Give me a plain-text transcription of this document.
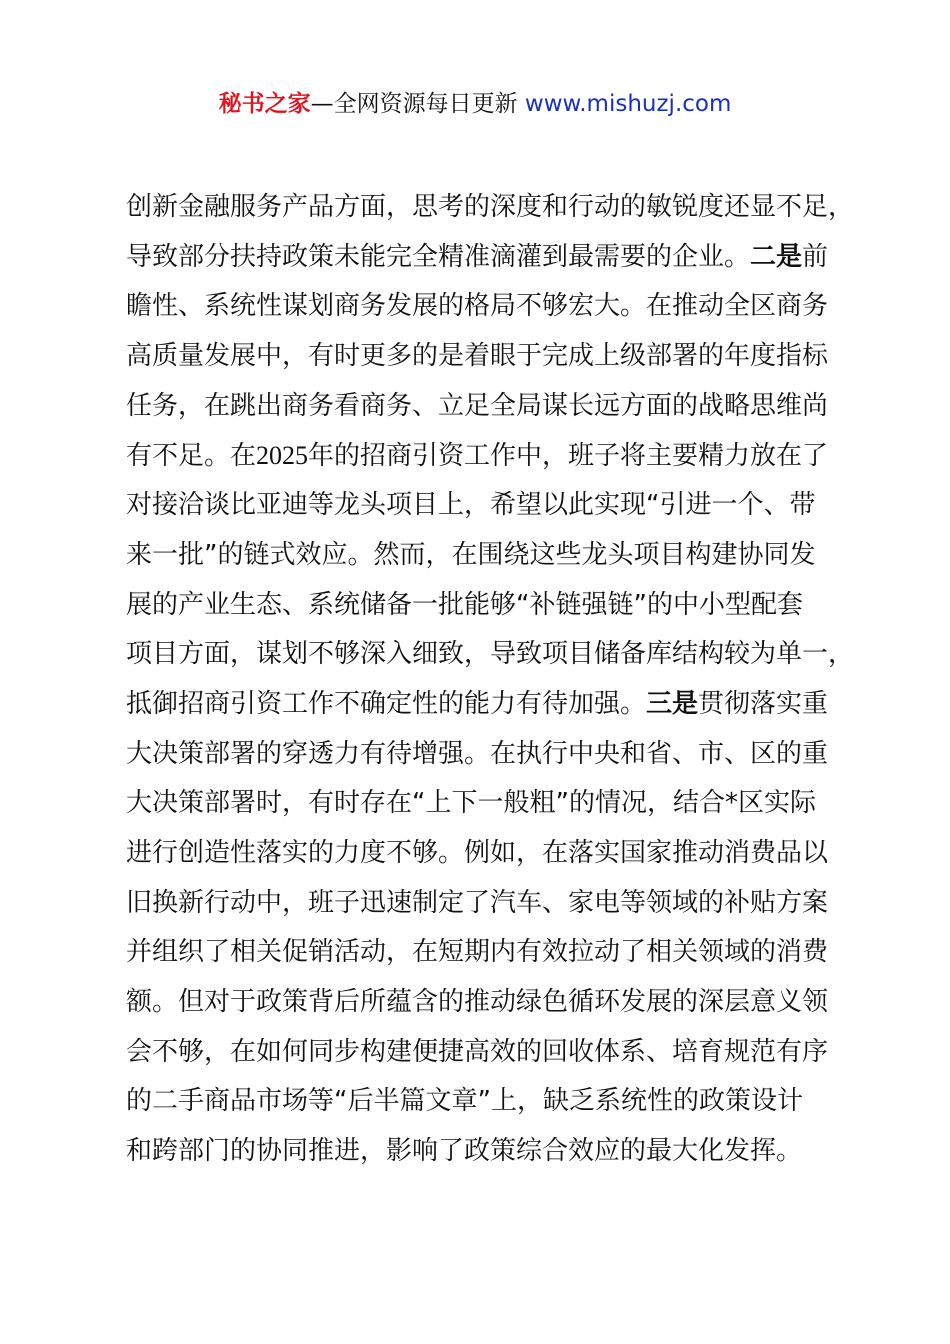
秘书之家—全网资源每日更新 www.mishuzj.com
创新金融服务产品方面，思考的深度和行动的敏锐度还显不足，
导致部分扶持政策未能完全精准滴灌到最需要的企业。二是前
瞻性、系统性谋划商务发展的格局不够宏大。在推动全区商务
高质量发展中，有时更多的是着眼于完成上级部署的年度指标
任务，在跳出商务看商务、立足全局谋长远方面的战略思维尚
有不足。在2025年的招商引资工作中，班子将主要精力放在了
对接洽谈比亚迪等龙头项目上，希望以此实现“引进一个、带
来一批”的链式效应。然而，在围绕这些龙头项目构建协同发
展的产业生态、系统储备一批能够“补链强链”的中小型配套
项目方面，谋划不够深入细致，导致项目储备库结构较为单一，
抵御招商引资工作不确定性的能力有待加强。三是贯彻落实重
大决策部署的穿透力有待增强。在执行中央和省、市、区的重
大决策部署时，有时存在“上下一般粗”的情况，结合*区实际
进行创造性落实的力度不够。例如，在落实国家推动消费品以
旧换新行动中，班子迅速制定了汽车、家电等领域的补贴方案
并组织了相关促销活动，在短期内有效拉动了相关领域的消费
额。但对于政策背后所蕴含的推动绿色循环发展的深层意义领
会不够，在如何同步构建便捷高效的回收体系、培育规范有序
的二手商品市场等“后半篇文章”上，缺乏系统性的政策设计
和跨部门的协同推进，影响了政策综合效应的最大化发挥。
